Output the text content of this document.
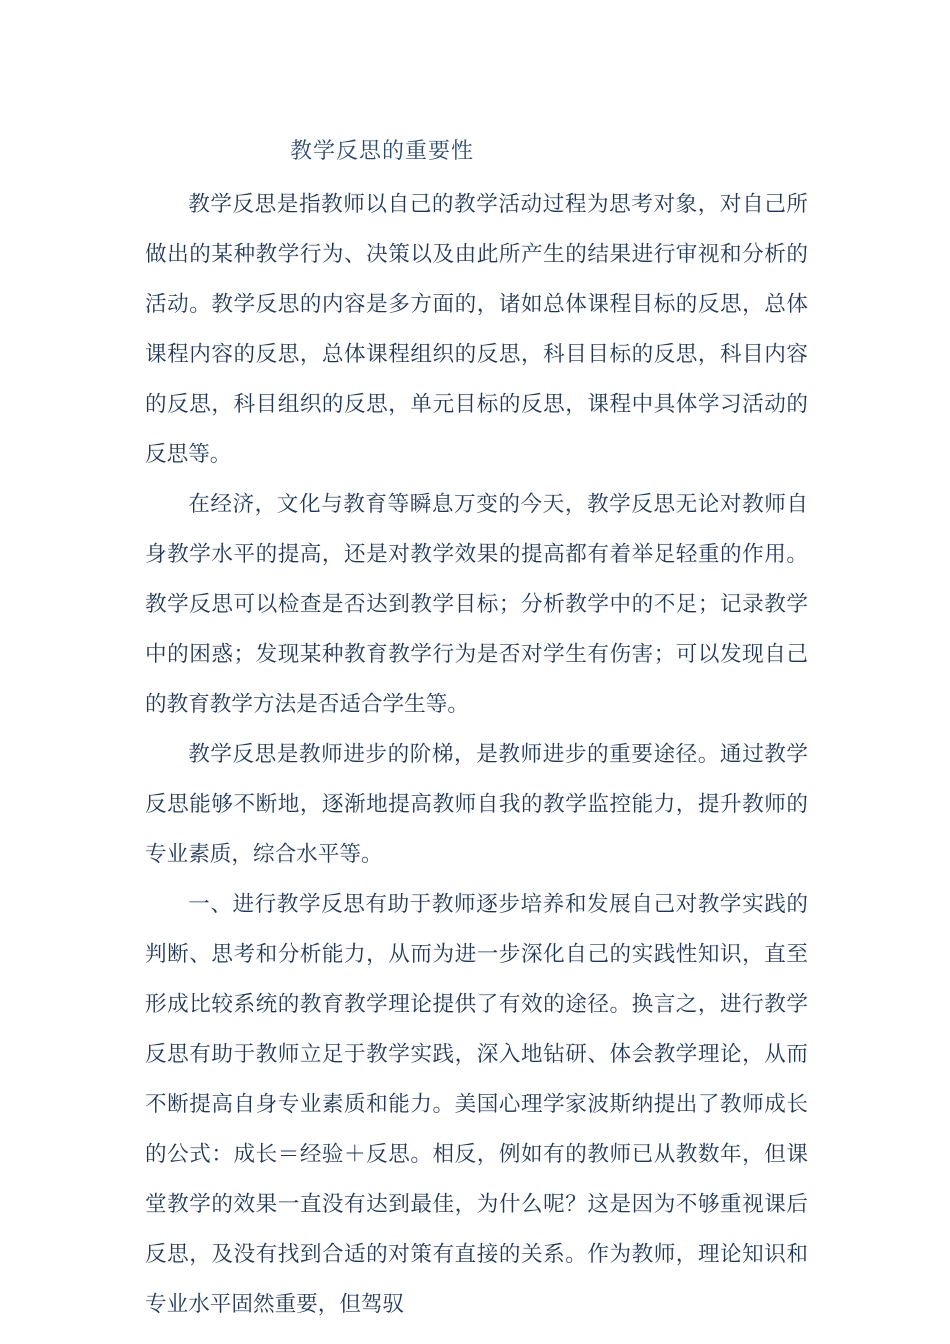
教学反思的重要性

教学反思是指教师以自己的教学活动过程为思考对象，对自己所做出的某种教学行为、决策以及由此所产生的结果进行审视和分析的活动。教学反思的内容是多方面的，诸如总体课程目标的反思，总体课程内容的反思，总体课程组织的反思，科目目标的反思，科目内容的反思，科目组织的反思，单元目标的反思，课程中具体学习活动的反思等。

在经济，文化与教育等瞬息万变的今天，教学反思无论对教师自身教学水平的提高，还是对教学效果的提高都有着举足轻重的作用。教学反思可以检查是否达到教学目标；分析教学中的不足；记录教学中的困惑；发现某种教育教学行为是否对学生有伤害；可以发现自己的教育教学方法是否适合学生等。

教学反思是教师进步的阶梯，是教师进步的重要途径。通过教学反思能够不断地，逐渐地提高教师自我的教学监控能力，提升教师的专业素质，综合水平等。

一、进行教学反思有助于教师逐步培养和发展自己对教学实践的判断、思考和分析能力，从而为进一步深化自己的实践性知识，直至形成比较系统的教育教学理论提供了有效的途径。换言之，进行教学反思有助于教师立足于教学实践，深入地钻研、体会教学理论，从而不断提高自身专业素质和能力。美国心理学家波斯纳提出了教师成长的公式：成长＝经验＋反思。相反，例如有的教师已从教数年，但课堂教学的效果一直没有达到最佳，为什么呢？这是因为不够重视课后反思，及没有找到合适的对策有直接的关系。作为教师，理论知识和专业水平固然重要，但驾驭
